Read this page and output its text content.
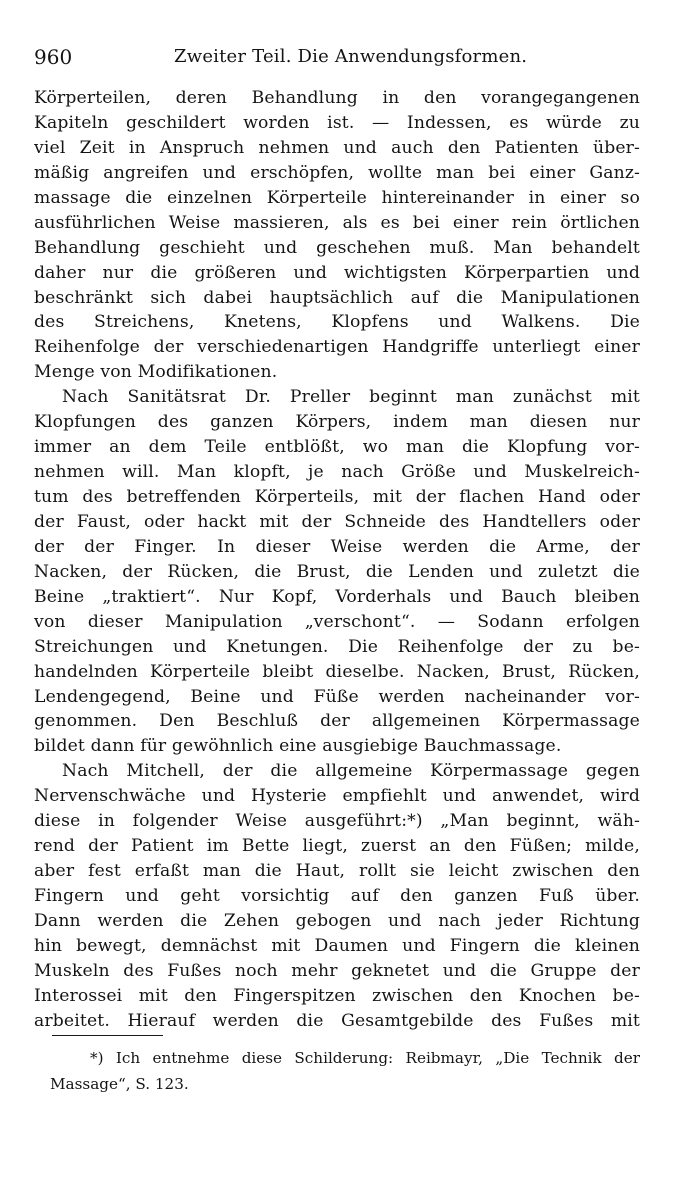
960	Zweiter Teil. Die Anwendungsformen.
Körperteilen, deren Behandlung in den vorangegangenen
Kapiteln geschildert worden ist. — Indessen, es würde zu
viel Zeit in Anspruch nehmen und auch den Patienten über-
mäßig angreifen und erschöpfen, wollte man bei einer Ganz-
massage die einzelnen Körperteile hintereinander in einer so
ausführlichen Weise massieren, als es bei einer rein örtlichen
Behandlung geschieht und geschehen muß. Man behandelt
daher nur die größeren und wichtigsten Körperpartien und
beschränkt sich dabei hauptsächlich auf die Manipulationen
des Streichens, Knetens, Klopfens und Walkens. Die
Reihenfolge der verschiedenartigen Handgriffe unterliegt einer
Menge von Modifikationen.
Nach Sanitätsrat Dr. Preller beginnt man zunächst mit
Klopfungen des ganzen Körpers, indem man diesen nur
immer an dem Teile entblößt, wo man die Klopfung vor-
nehmen will. Man klopft, je nach Größe und Muskelreich-
tum des betreffenden Körperteils, mit der flachen Hand oder
der Faust, oder hackt mit der Schneide des Handtellers oder
der der Finger. In dieser Weise werden die Arme, der
Nacken, der Rücken, die Brust, die Lenden und zuletzt die
Beine „traktiert“. Nur Kopf, Vorderhals und Bauch bleiben
von dieser Manipulation „verschont“. — Sodann erfolgen
Streichungen und Knetungen. Die Reihenfolge der zu be-
handelnden Körperteile bleibt dieselbe. Nacken, Brust, Rücken,
Lendengegend, Beine und Füße werden nacheinander vor-
genommen. Den Beschluß der allgemeinen Körpermassage
bildet dann für gewöhnlich eine ausgiebige Bauchmassage.
Nach Mitchell, der die allgemeine Körpermassage gegen
Nervenschwäche und Hysterie empfiehlt und anwendet, wird
diese in folgender Weise ausgeführt:*) „Man beginnt, wäh-
rend der Patient im Bette liegt, zuerst an den Füßen; milde,
aber fest erfaßt man die Haut, rollt sie leicht zwischen den
Fingern und geht vorsichtig auf den ganzen Fuß über.
Dann werden die Zehen gebogen und nach jeder Richtung
hin bewegt, demnächst mit Daumen und Fingern die kleinen
Muskeln des Fußes noch mehr geknetet und die Gruppe der
Interossei mit den Fingerspitzen zwischen den Knochen be-
arbeitet. Hierauf werden die Gesamtgebilde des Fußes mit
*) Ich entnehme diese Schilderung: Reibmayr, „Die Technik der
Massage“, S. 123.
